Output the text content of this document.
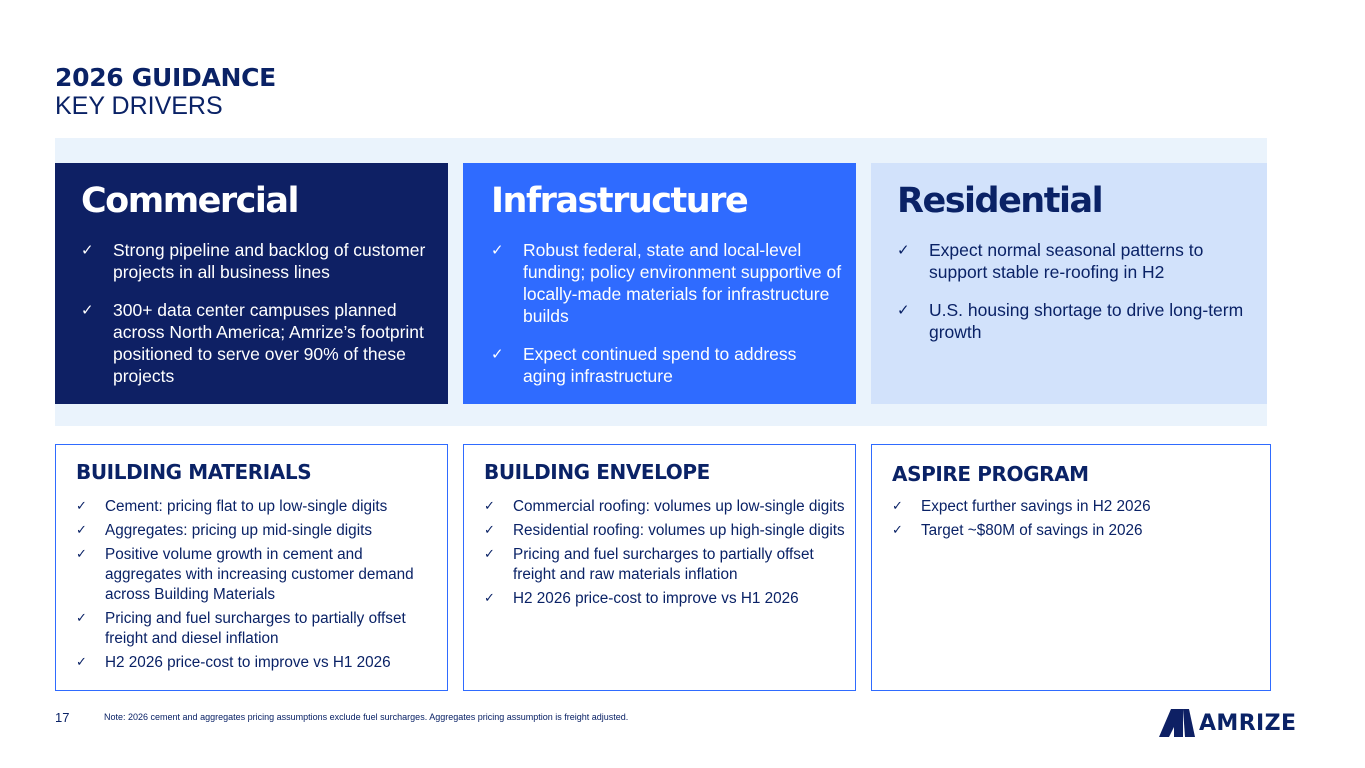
2026 GUIDANCE
KEY DRIVERS
Commercial
✓ Strong pipeline and backlog of customer projects in all business lines
✓ 300+ data center campuses planned across North America; Amrize’s footprint positioned to serve over 90% of these projects
Infrastructure
✓ Robust federal, state and local-level funding; policy environment supportive of locally-made materials for infrastructure builds
✓ Expect continued spend to address aging infrastructure
Residential
✓ Expect normal seasonal patterns to support stable re-roofing in H2
✓ U.S. housing shortage to drive long-term growth
BUILDING MATERIALS
✓ Cement: pricing flat to up low-single digits
✓ Aggregates: pricing up mid-single digits
✓ Positive volume growth in cement and aggregates with increasing customer demand across Building Materials
✓ Pricing and fuel surcharges to partially offset freight and diesel inflation
✓ H2 2026 price-cost to improve vs H1 2026
BUILDING ENVELOPE
✓ Commercial roofing: volumes up low-single digits
✓ Residential roofing: volumes up high-single digits
✓ Pricing and fuel surcharges to partially offset freight and raw materials inflation
✓ H2 2026 price-cost to improve vs H1 2026
ASPIRE PROGRAM
✓ Expect further savings in H2 2026
✓ Target ~$80M of savings in 2026
17	Note: 2026 cement and aggregates pricing assumptions exclude fuel surcharges. Aggregates pricing assumption is freight adjusted.	AMRIZE
